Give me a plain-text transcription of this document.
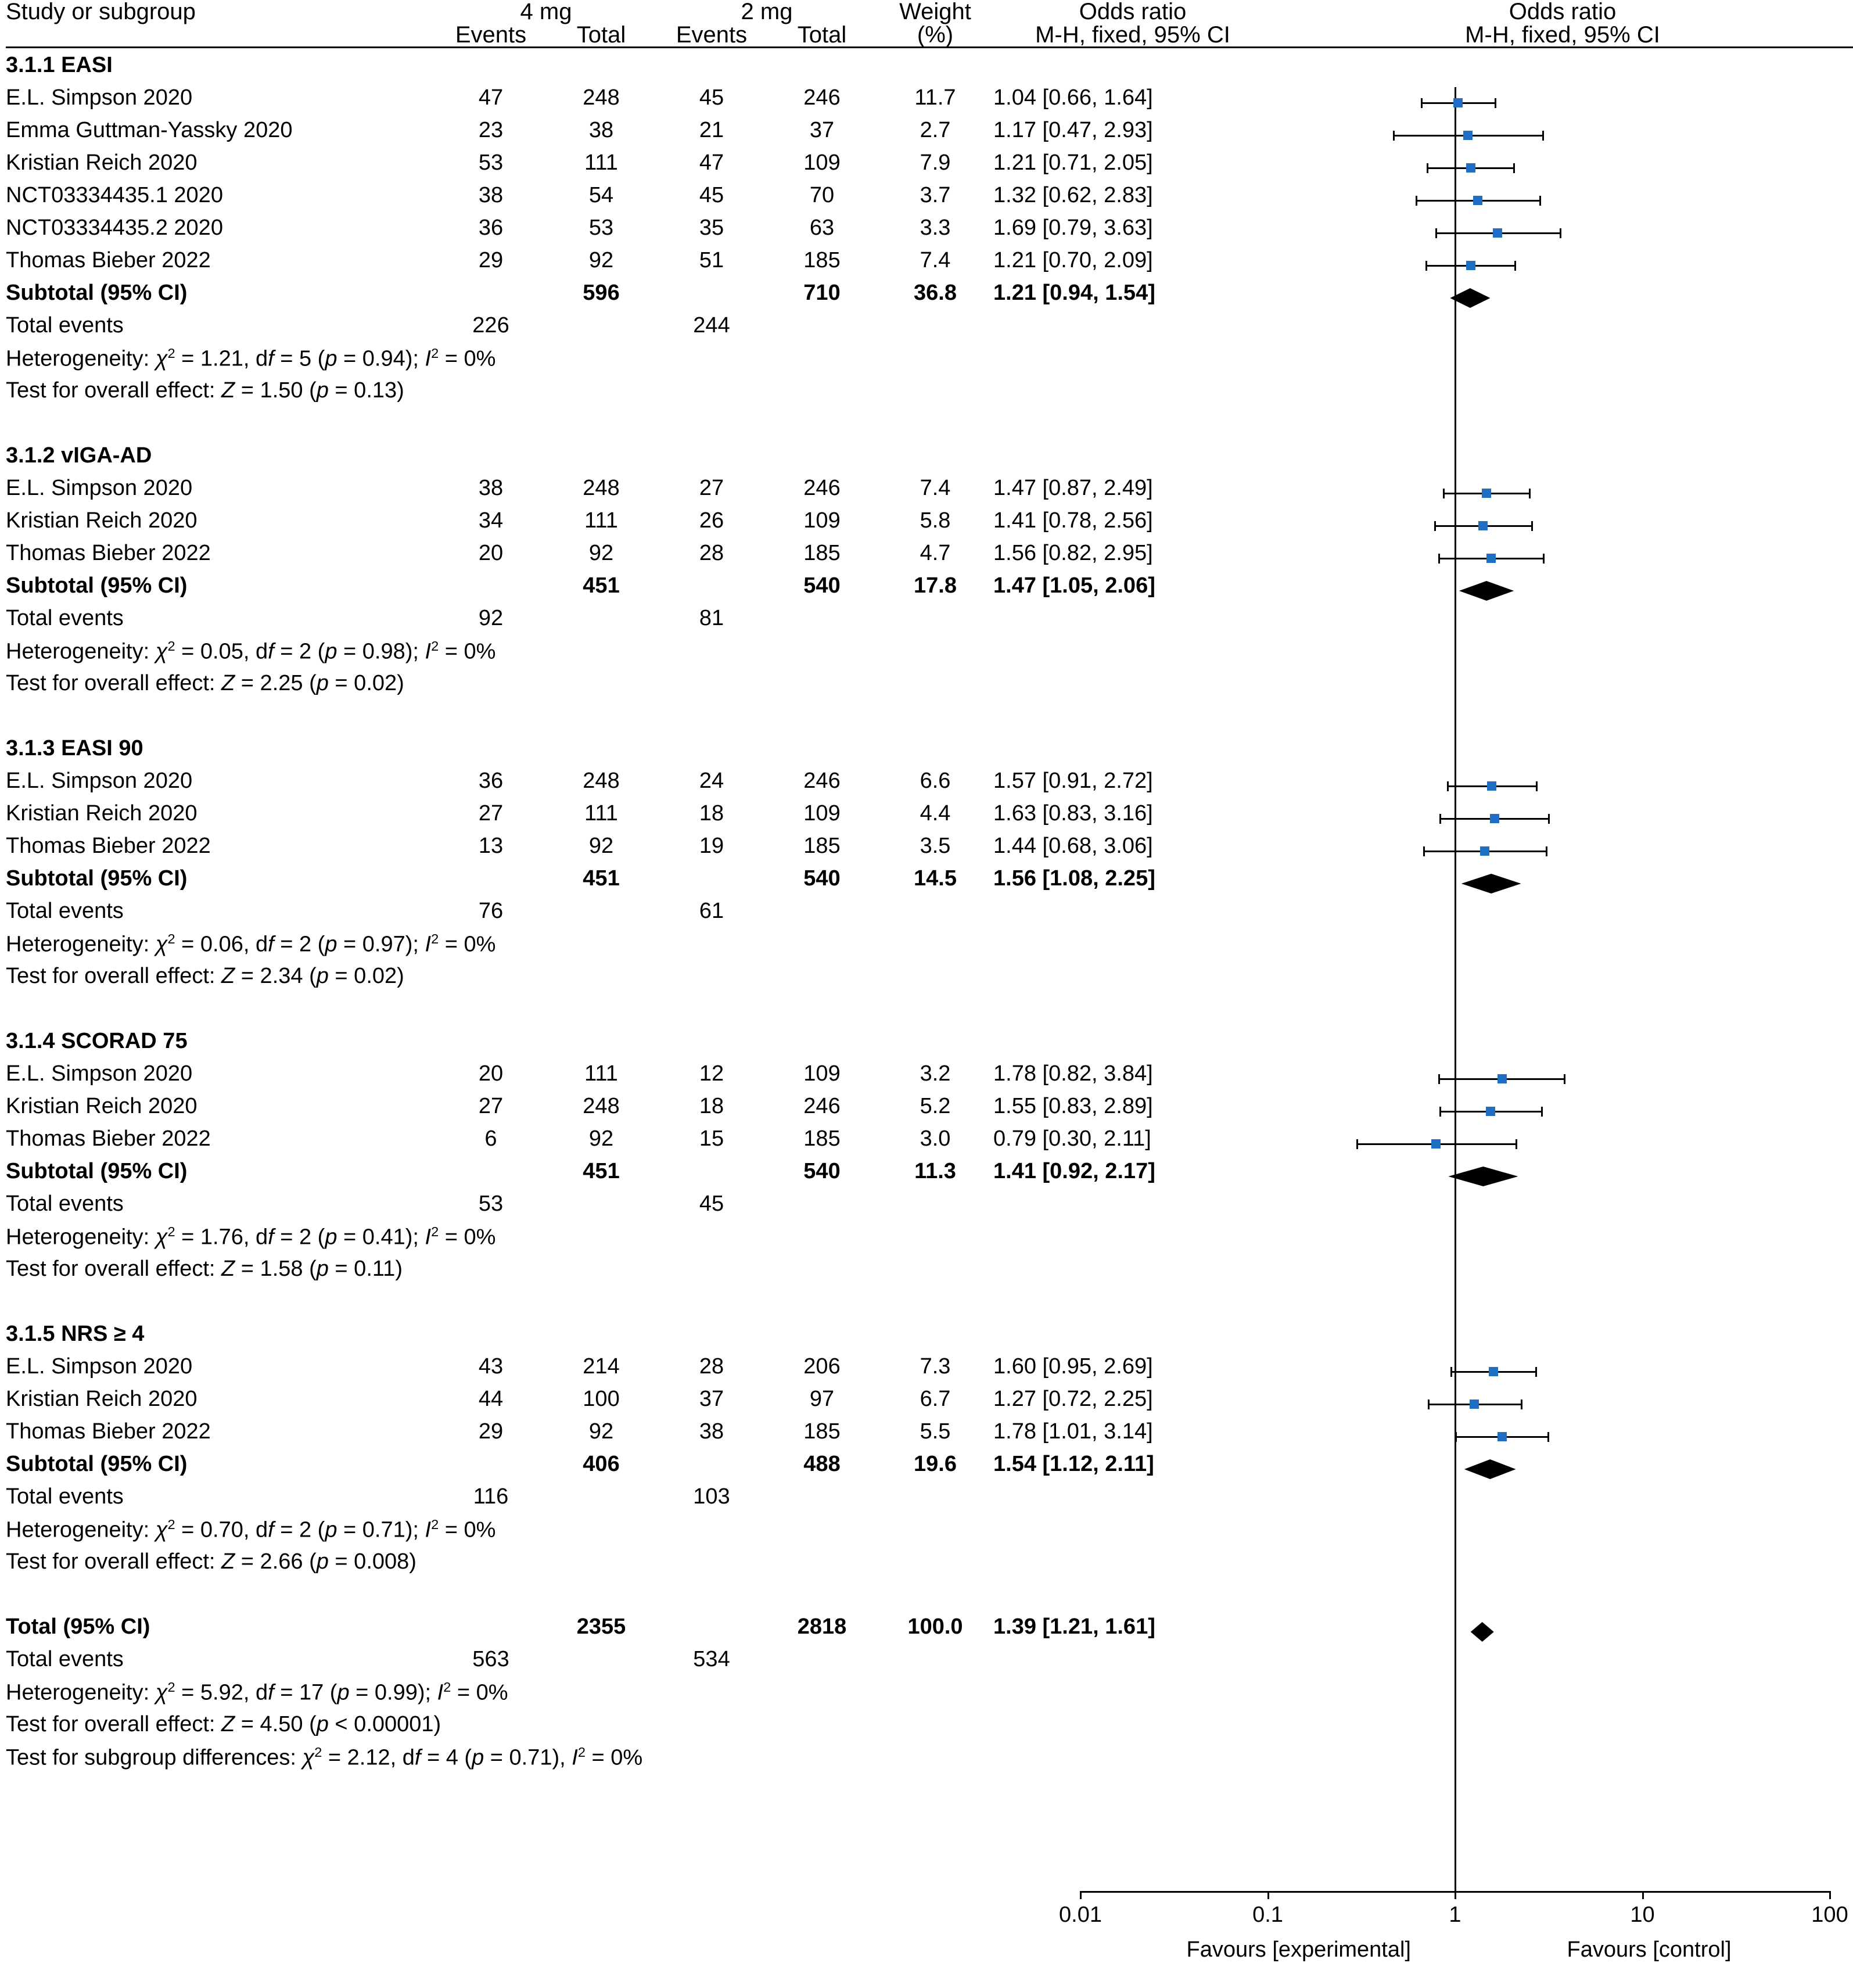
Study or subgroup	4 mg		2 mg		Weight	Odds ratio	Odds ratio
	Events	Total	Events	Total	(%)	M-H, fixed, 95% CI	M-H, fixed, 95% CI

3.1.1 EASI							
E.L. Simpson 2020	47	248	45	246	11.7	1.04 [0.66, 1.64]	
Emma Guttman-Yassky 2020	23	38	21	37	2.7	1.17 [0.47, 2.93]	
Kristian Reich 2020	53	111	47	109	7.9	1.21 [0.71, 2.05]	
NCT03334435.1 2020	38	54	45	70	3.7	1.32 [0.62, 2.83]	
NCT03334435.2 2020	36	53	35	63	3.3	1.69 [0.79, 3.63]	
Thomas Bieber 2022	29	92	51	185	7.4	1.21 [0.70, 2.09]	
Subtotal (95% CI)		596		710	36.8	1.21 [0.94, 1.54]	
Total events	226		244				
Heterogeneity: $\chi^2 = 1.21$, df = 5 (p = 0.94); $I^2 = 0\%$							
Test for overall effect: Z = 1.50 (p = 0.13)							

3.1.2 vIGA-AD							
E.L. Simpson 2020	38	248	27	246	7.4	1.47 [0.87, 2.49]	
Kristian Reich 2020	34	111	26	109	5.8	1.41 [0.78, 2.56]	
Thomas Bieber 2022	20	92	28	185	4.7	1.56 [0.82, 2.95]	
Subtotal (95% CI)		451		540	17.8	1.47 [1.05, 2.06]	
Total events	92		81				
Heterogeneity: $\chi^2 = 0.05$, df = 2 (p = 0.98); $I^2 = 0\%$							
Test for overall effect: Z = 2.25 (p = 0.02)							

3.1.3 EASI 90							
E.L. Simpson 2020	36	248	24	246	6.6	1.57 [0.91, 2.72]	
Kristian Reich 2020	27	111	18	109	4.4	1.63 [0.83, 3.16]	
Thomas Bieber 2022	13	92	19	185	3.5	1.44 [0.68, 3.06]	
Subtotal (95% CI)		451		540	14.5	1.56 [1.08, 2.25]	
Total events	76		61				
Heterogeneity: $\chi^2 = 0.06$, df = 2 (p = 0.97); $I^2 = 0\%$							
Test for overall effect: Z = 2.34 (p = 0.02)							

3.1.4 SCORAD 75							
E.L. Simpson 2020	20	111	12	109	3.2	1.78 [0.82, 3.84]	
Kristian Reich 2020	27	248	18	246	5.2	1.55 [0.83, 2.89]	
Thomas Bieber 2022	6	92	15	185	3.0	0.79 [0.30, 2.11]	
Subtotal (95% CI)		451		540	11.3	1.41 [0.92, 2.17]	
Total events	53		45				
Heterogeneity: $\chi^2 = 1.76$, df = 2 (p = 0.41); $I^2 = 0\%$							
Test for overall effect: Z = 1.58 (p = 0.11)							

3.1.5 NRS ≥ 4							
E.L. Simpson 2020	43	214	28	206	7.3	1.60 [0.95, 2.69]	
Kristian Reich 2020	44	100	37	97	6.7	1.27 [0.72, 2.25]	
Thomas Bieber 2022	29	92	38	185	5.5	1.78 [1.01, 3.14]	
Subtotal (95% CI)		406		488	19.6	1.54 [1.12, 2.11]	
Total events	116		103				
Heterogeneity: $\chi^2 = 0.70$, df = 2 (p = 0.71); $I^2 = 0\%$							
Test for overall effect: Z = 2.66 (p = 0.008)							

Total (95% CI)		2355		2818	100.0	1.39 [1.21, 1.61]	
Total events	563		534				
Heterogeneity: $\chi^2 = 5.92$, df = 17 (p = 0.99); $I^2 = 0\%$							
Test for overall effect: Z = 4.50 (p < 0.00001)							
Test for subgroup differences: $\chi^2 = 2.12$, df = 4 (p = 0.71), $I^2 = 0\%$							
0.01	0.1	1	10	100
Favours [experimental]	Favours [control]
